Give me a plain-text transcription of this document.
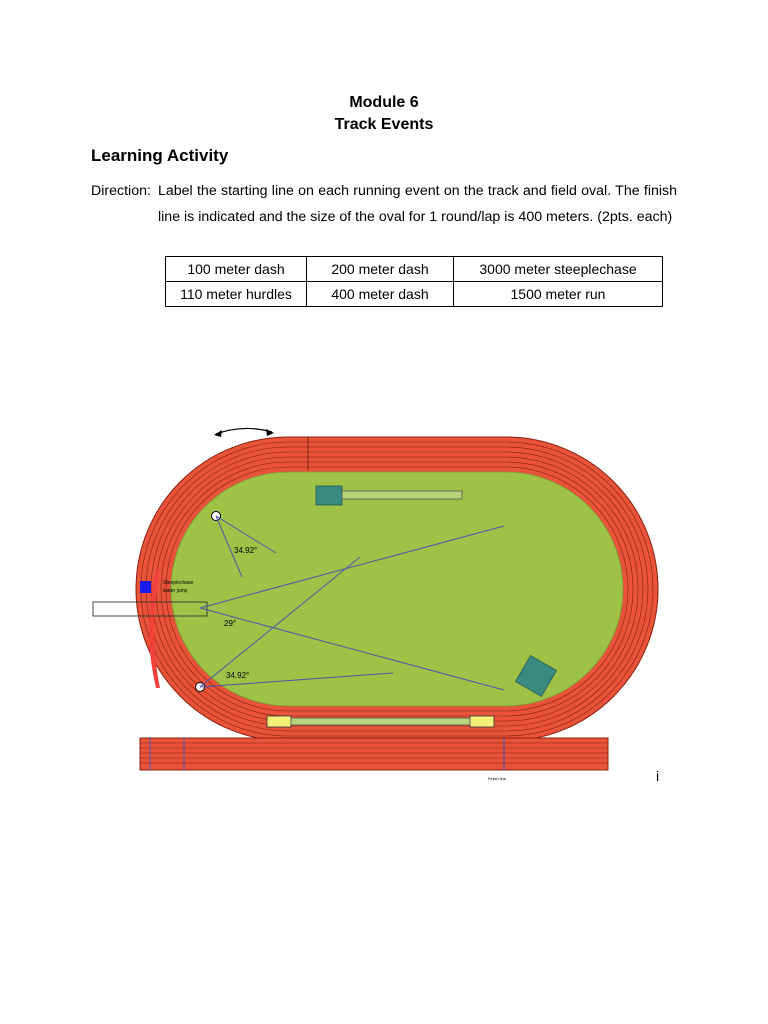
Module 6
Track Events
Learning Activity
Direction: Label the starting line on each running event on the track and field oval. The finish line is indicated and the size of the oval for 1 round/lap is 400 meters. (2pts. each)
100 meter dash	200 meter dash	3000 meter steeplechase
110 meter hurdles	400 meter dash	1500 meter run
Steeplechase
water jump
34.92°
34.92°
29°
Finish line	i
